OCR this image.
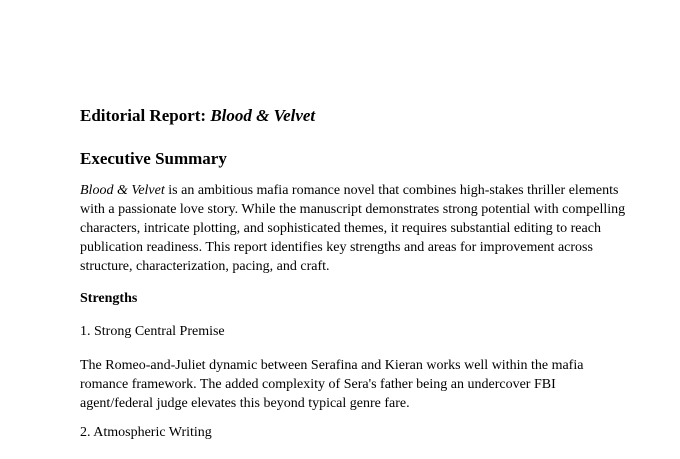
Editorial Report: Blood & Velvet
Executive Summary

Blood & Velvet is an ambitious mafia romance novel that combines high-stakes thriller elements with a passionate love story. While the manuscript demonstrates strong potential with compelling characters, intricate plotting, and sophisticated themes, it requires substantial editing to reach publication readiness. This report identifies key strengths and areas for improvement across structure, characterization, pacing, and craft.

Strengths

1. Strong Central Premise

The Romeo-and-Juliet dynamic between Serafina and Kieran works well within the mafia romance framework. The added complexity of Sera's father being an undercover FBI agent/federal judge elevates this beyond typical genre fare.

2. Atmospheric Writing
